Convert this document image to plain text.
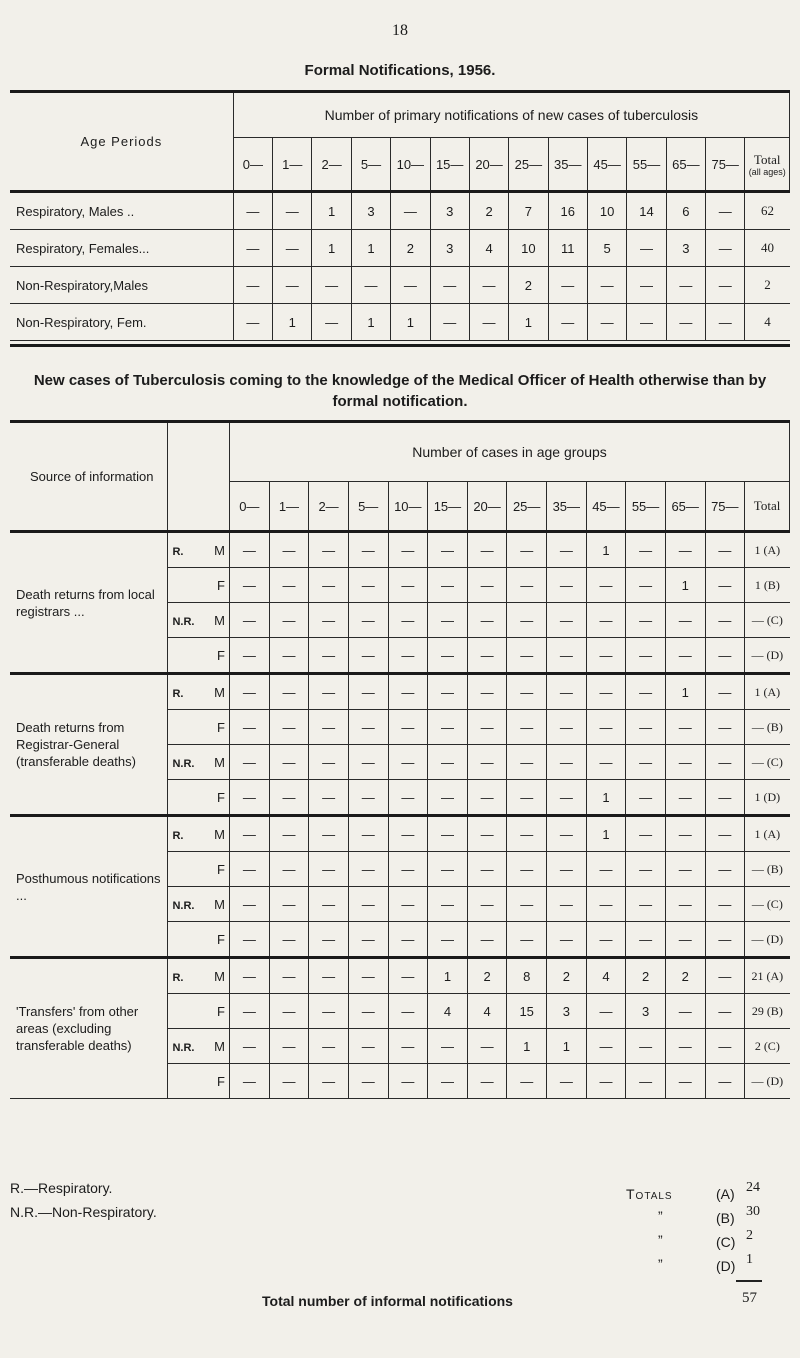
18
Formal Notifications, 1956.
Age Periods	Number of primary notifications of new cases of tuberculosis													
	0—	1—	2—	5—	10—	15—	20—	25—	35—	45—	55—	65—	75—	Total
(all ages)

Respiratory, Males ..	—	—	1	3	—	3	2	7	16	10	14	6	—	62
Respiratory, Females...	—	—	1	1	2	3	4	10	11	5	—	3	—	40
Non-Respiratory,Males	—	—	—	—	—	—	—	2	—	—	—	—	—	2
Non-Respiratory, Fem.	—	1	—	1	1	—	—	1	—	—	—	—	—	4
New cases of Tuberculosis coming to the knowledge of the Medical Officer of Health otherwise than by formal notification.
Source of information		Number of cases in age groups													
		0—	1—	2—	5—	10—	15—	20—	25—	35—	45—	55—	65—	75—	Total
Death returns from local registrars ...	R. M	—	—	—	—	—	—	—	—	—	1	—	—	—	1 (A)

	F	—	—	—	—	—	—	—	—	—	—	—	1	—	1 (B)
	N.R. M	—	—	—	—	—	—	—	—	—	—	—	—	—	— (C)

	F	—	—	—	—	—	—	—	—	—	—	—	—	—	— (D)
Death returns from Registrar-General (transferable deaths)	R. M	—	—	—	—	—	—	—	—	—	—	—	1	—	1 (A)

	F	—	—	—	—	—	—	—	—	—	—	—	—	—	— (B)
	N.R. M	—	—	—	—	—	—	—	—	—	—	—	—	—	— (C)

	F	—	—	—	—	—	—	—	—	—	1	—	—	—	1 (D)
Posthumous notifications ...	R. M	—	—	—	—	—	—	—	—	—	1	—	—	—	1 (A)

	F	—	—	—	—	—	—	—	—	—	—	—	—	—	— (B)
	N.R. M	—	—	—	—	—	—	—	—	—	—	—	—	—	— (C)

	F	—	—	—	—	—	—	—	—	—	—	—	—	—	— (D)
'Transfers' from other areas (excluding transferable deaths)	R. M	—	—	—	—	—	1	2	8	2	4	2	2	—	21 (A)

	F	—	—	—	—	—	4	4	15	3	—	3	—	—	29 (B)
	N.R. M	—	—	—	—	—	—	—	1	1	—	—	—	—	2 (C)

	F	—	—	—	—	—	—	—	—	—	—	—	—	—	— (D)
R.—Respiratory.
N.R.—Non-Respiratory.
Totals	(A) 24
”	(B) 30
”	(C) 2
”	(D) 1
Total number of informal notifications	57
